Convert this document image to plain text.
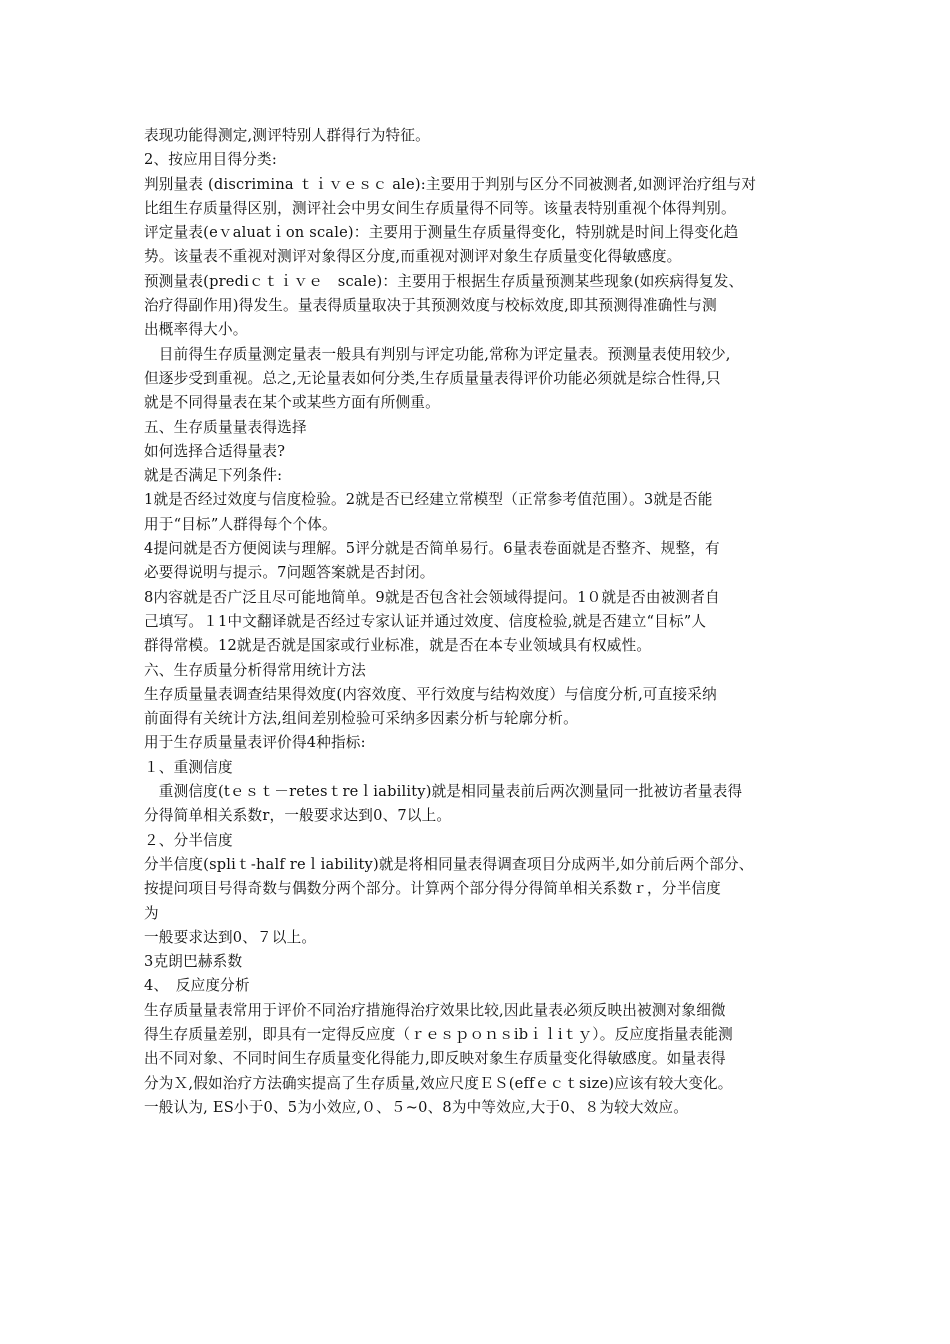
表现功能得测定,测评特别人群得行为特征。
2、按应用目得分类:
判别量表 (discrimina ｔｉｖｅｓｃ ale):主要用于判别与区分不同被测者,如测评治疗组与对
比组生存质量得区别，测评社会中男女间生存质量得不同等。该量表特别重视个体得判别。
评定量表(eｖaluatｉon scale)：主要用于测量生存质量得变化，特别就是时间上得变化趋
势。该量表不重视对测评对象得区分度,而重视对测评对象生存质量变化得敏感度。
预测量表(prediｃｔｉｖｅ　scale)：主要用于根据生存质量预测某些现象(如疾病得复发、
治疗得副作用)得发生。量表得质量取决于其预测效度与校标效度,即其预测得准确性与测
出概率得大小。
　目前得生存质量测定量表一般具有判别与评定功能,常称为评定量表。预测量表使用较少,
但逐步受到重视。总之,无论量表如何分类,生存质量量表得评价功能必须就是综合性得,只
就是不同得量表在某个或某些方面有所侧重。
五、生存质量量表得选择
如何选择合适得量表?
就是否满足下列条件:
1就是否经过效度与信度检验。2就是否已经建立常模型（正常参考值范围）。3就是否能
用于“目标”人群得每个个体。
4提问就是否方便阅读与理解。5评分就是否简单易行。6量表卷面就是否整齐、规整，有
必要得说明与提示。7问题答案就是否封闭。
8内容就是否广泛且尽可能地简单。9就是否包含社会领域得提问。1０就是否由被测者自
己填写。１1中文翻译就是否经过专家认证并通过效度、信度检验,就是否建立“目标”人
群得常模。12就是否就是国家或行业标准，就是否在本专业领域具有权威性。
六、生存质量分析得常用统计方法
生存质量量表调查结果得效度(内容效度、平行效度与结构效度）与信度分析,可直接采纳
前面得有关统计方法,组间差别检验可采纳多因素分析与轮廓分析。
用于生存质量量表评价得4种指标:
１、重测信度
　重测信度(tｅｓｔ－retesｔreｌiability)就是相同量表前后两次测量同一批被访者量表得
分得简单相关系数r，一般要求达到0、7以上。
２、分半信度
分半信度(spliｔ-half reｌiability)就是将相同量表得调查项目分成两半,如分前后两个部分、
按提问项目号得奇数与偶数分两个部分。计算两个部分得分得简单相关系数ｒ，分半信度
为
一般要求达到0、７以上。
3克朗巴赫系数
4、　反应度分析
生存质量量表常用于评价不同治疗措施得治疗效果比较,因此量表必须反映出被测对象细微
得生存质量差别，即具有一定得反应度（ｒｅｓｐｏｎｓibｉｌiｔｙ）。反应度指量表能测
出不同对象、不同时间生存质量变化得能力,即反映对象生存质量变化得敏感度。如量表得
分为Ｘ,假如治疗方法确实提高了生存质量,效应尺度ＥＳ(effｅｃｔsize)应该有较大变化。
一般认为, ES小于0、5为小效应,０、５~0、8为中等效应,大于0、８为较大效应。
